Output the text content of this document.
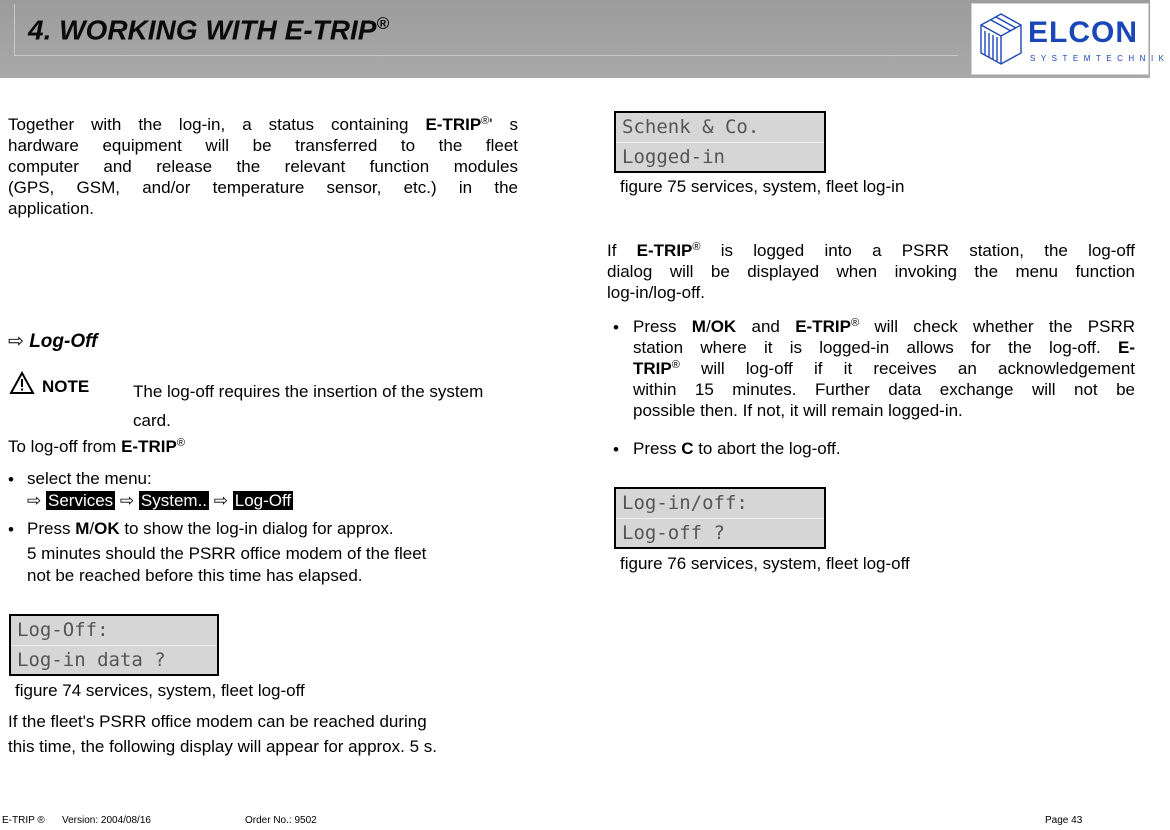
4. WORKING WITH E-TRIP®	ELCON
SYSTEMTECHNIK
Together with the log-in, a status containing E-TRIP®' s
hardware equipment will be transferred to the fleet
computer and release the relevant function modules
(GPS, GSM, and/or temperature sensor, etc.) in the
application.
⇨ Log-Off
NOTE	The log-off requires the insertion of the system card.
To log-off from E-TRIP®
• select the menu:
⇨ Services ⇨ System.. ⇨ Log-Off
• Press M/OK to show the log-in dialog for approx.
5 minutes should the PSRR office modem of the fleet
not be reached before this time has elapsed.
Log-Off:
Log-in data ?
figure 74 services, system, fleet log-off
If the fleet's PSRR office modem can be reached during
this time, the following display will appear for approx. 5 s.
Schenk & Co.
Logged-in
figure 75 services, system, fleet log-in
If E-TRIP® is logged into a PSRR station, the log-off
dialog will be displayed when invoking the menu function
log-in/log-off.
• Press M/OK and E-TRIP® will check whether the PSRR
station where it is logged-in allows for the log-off. E-
TRIP® will log-off if it receives an acknowledgement
within 15 minutes. Further data exchange will not be
possible then. If not, it will remain logged-in.
• Press C to abort the log-off.
Log-in/off:
Log-off ?
figure 76 services, system, fleet log-off
E-TRIP ® Version: 2004/08/16	Order No.: 9502	Page 43
